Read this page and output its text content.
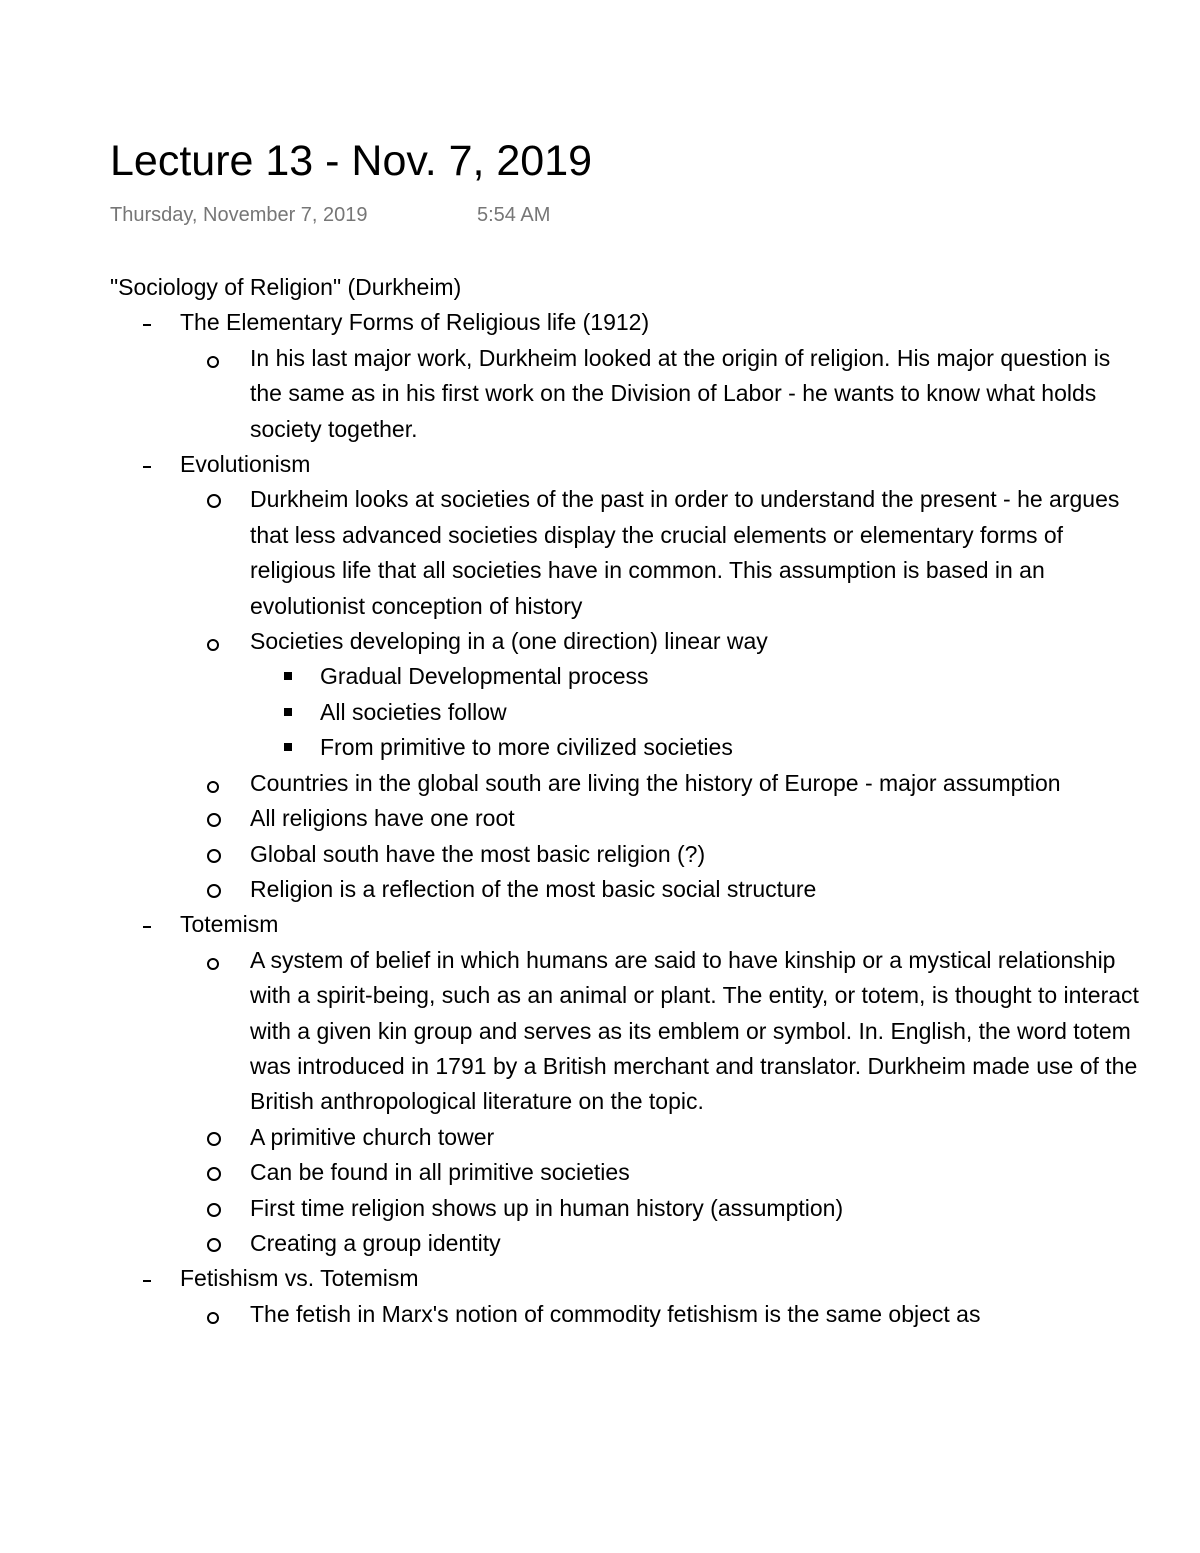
Lecture 13 - Nov. 7, 2019
Thursday, November 7, 2019	5:54 AM

"Sociology of Religion" (Durkheim)

The Elementary Forms of Religious life (1912)
In his last major work, Durkheim looked at the origin of religion. His major question is the same as in his first work on the Division of Labor - he wants to know what holds society together.
Evolutionism
Durkheim looks at societies of the past in order to understand the present - he argues that less advanced societies display the crucial elements or elementary forms of religious life that all societies have in common. This assumption is based in an evolutionist conception of history
Societies developing in a (one direction) linear way
Gradual Developmental process
All societies follow
From primitive to more civilized societies
Countries in the global south are living the history of Europe - major assumption
All religions have one root
Global south have the most basic religion (?)
Religion is a reflection of the most basic social structure
Totemism
A system of belief in which humans are said to have kinship or a mystical relationship with a spirit-being, such as an animal or plant. The entity, or totem, is thought to interact with a given kin group and serves as its emblem or symbol. In. English, the word totem was introduced in 1791 by a British merchant and translator. Durkheim made use of the British anthropological literature on the topic.
A primitive church tower
Can be found in all primitive societies
First time religion shows up in human history (assumption)
Creating a group identity
Fetishism vs. Totemism
The fetish in Marx's notion of commodity fetishism is the same object as
